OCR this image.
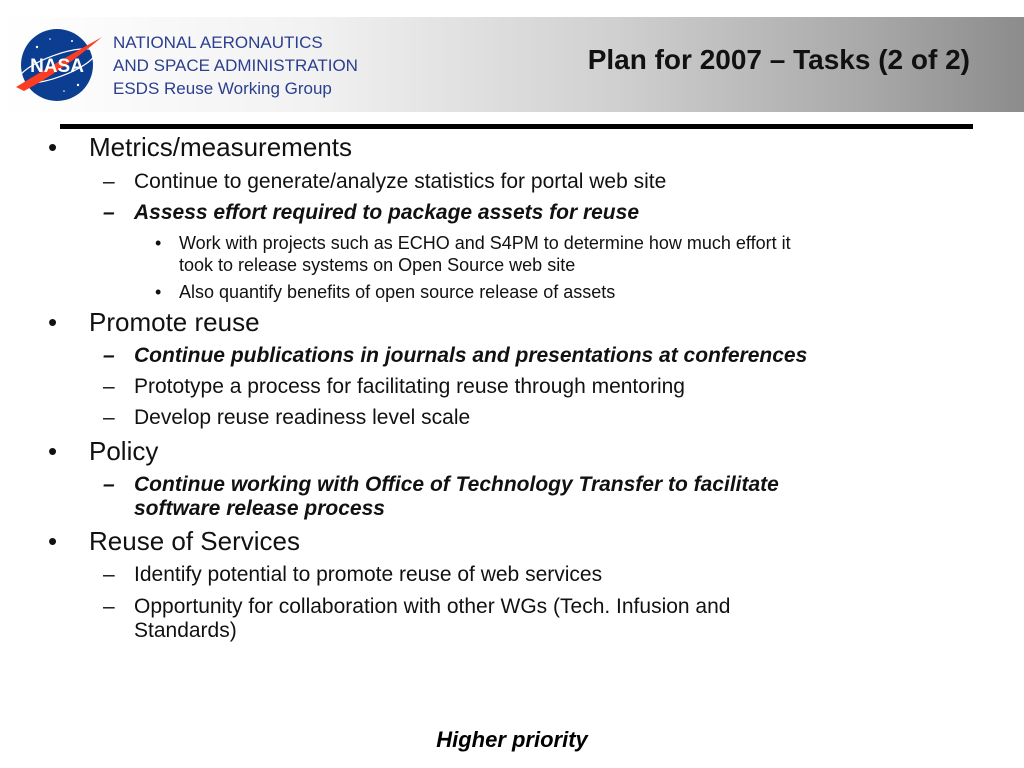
NASA
NATIONAL AERONAUTICS
AND SPACE ADMINISTRATION
ESDS Reuse Working Group
Plan for 2007 – Tasks (2 of 2)
• Metrics/measurements
– Continue to generate/analyze statistics for portal web site
– Assess effort required to package assets for reuse
• Work with projects such as ECHO and S4PM to determine how much effort it
took to release systems on Open Source web site
• Also quantify benefits of open source release of assets
• Promote reuse
– Continue publications in journals and presentations at conferences
– Prototype a process for facilitating reuse through mentoring
– Develop reuse readiness level scale
• Policy
– Continue working with Office of Technology Transfer to facilitate
software release process
• Reuse of Services
– Identify potential to promote reuse of web services
– Opportunity for collaboration with other WGs (Tech. Infusion and
Standards)
Higher priority
